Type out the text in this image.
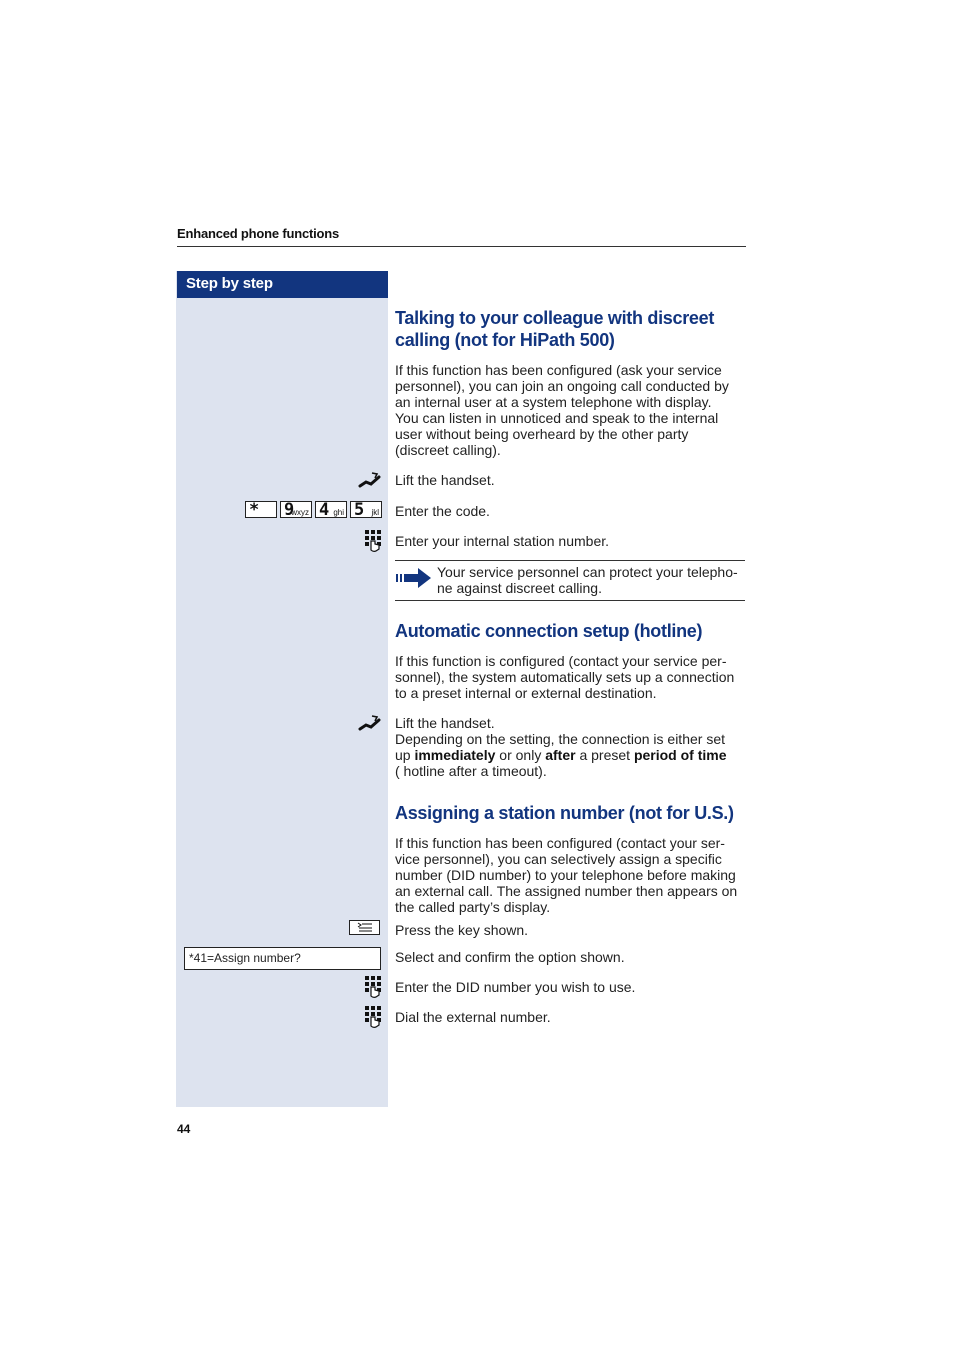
Enhanced phone functions
Step by step
Talking to your colleague with discreet
calling (not for HiPath 500)

If this function has been configured (ask your service

personnel), you can join an ongoing call conducted by

an internal user at a system telephone with display.

You can listen in unnoticed and speak to the internal

user without being overheard by the other party

(discreet calling).

Lift the handset.

* 9
wxyz 4 ghi 5 jkl Enter the code.

Enter your internal station number.

Your service personnel can protect your telepho-

ne against discreet calling.

Automatic connection setup (hotline)

If this function is configured (contact your service per-

sonnel), the system automatically sets up a connection

to a preset internal or external destination.

Lift the handset.

Depending on the setting, the connection is either set

up immediately or only after a preset period of time

( hotline after a timeout).

Assigning a station number (not for U.S.)

If this function has been configured (contact your ser-

vice personnel), you can selectively assign a specific

number (DID number) to your telephone before making

an external call. The assigned number then appears on

the called party’s display.

Press the key shown.

*41=Assign number?	Select and confirm the option shown.

Enter the DID number you wish to use.

Dial the external number.

44
